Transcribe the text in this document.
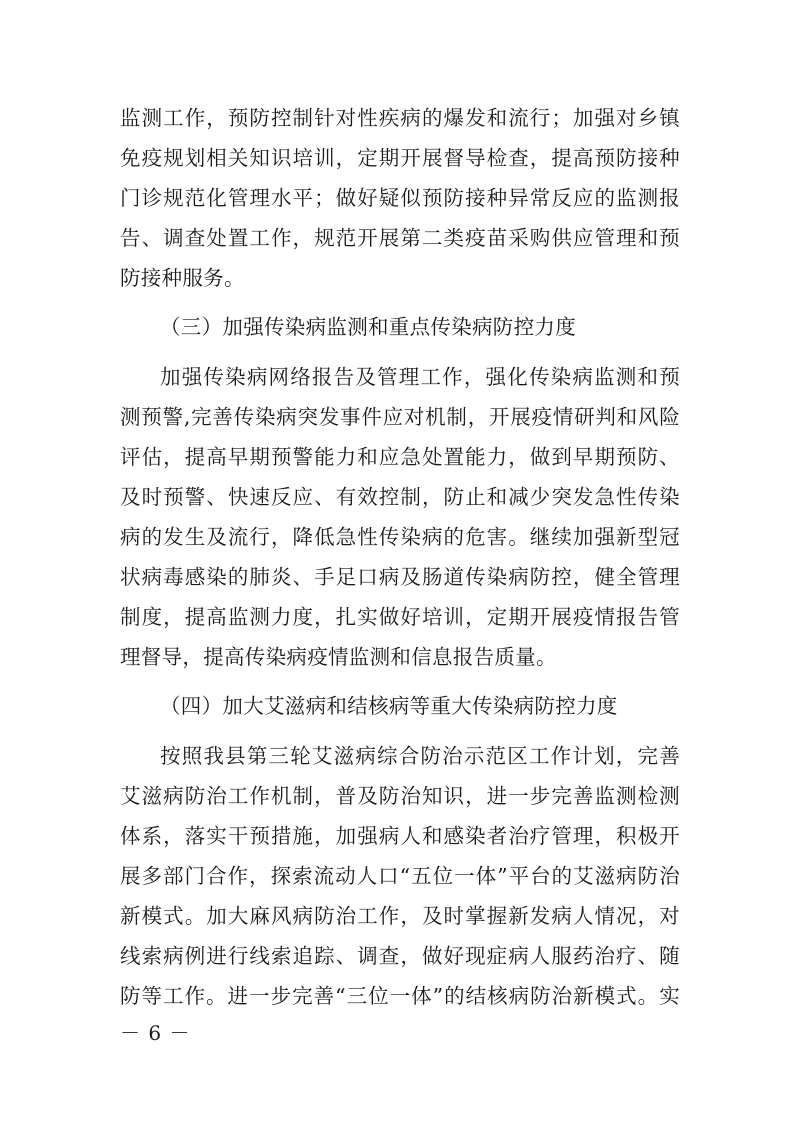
监测工作，预防控制针对性疾病的爆发和流行；加强对乡镇
免疫规划相关知识培训，定期开展督导检查，提高预防接种
门诊规范化管理水平；做好疑似预防接种异常反应的监测报
告、调查处置工作，规范开展第二类疫苗采购供应管理和预
防接种服务。
（三）加强传染病监测和重点传染病防控力度
加强传染病网络报告及管理工作，强化传染病监测和预
测预警,完善传染病突发事件应对机制，开展疫情研判和风险
评估，提高早期预警能力和应急处置能力，做到早期预防、
及时预警、快速反应、有效控制，防止和减少突发急性传染
病的发生及流行，降低急性传染病的危害。继续加强新型冠
状病毒感染的肺炎、手足口病及肠道传染病防控，健全管理
制度，提高监测力度，扎实做好培训，定期开展疫情报告管
理督导，提高传染病疫情监测和信息报告质量。
（四）加大艾滋病和结核病等重大传染病防控力度
按照我县第三轮艾滋病综合防治示范区工作计划，完善
艾滋病防治工作机制，普及防治知识，进一步完善监测检测
体系，落实干预措施，加强病人和感染者治疗管理，积极开
展多部门合作，探索流动人口“五位一体”平台的艾滋病防治
新模式。加大麻风病防治工作，及时掌握新发病人情况，对
线索病例进行线索追踪、调查，做好现症病人服药治疗、随
防等工作。进一步完善“三位一体”的结核病防治新模式。实
－ 6 －
